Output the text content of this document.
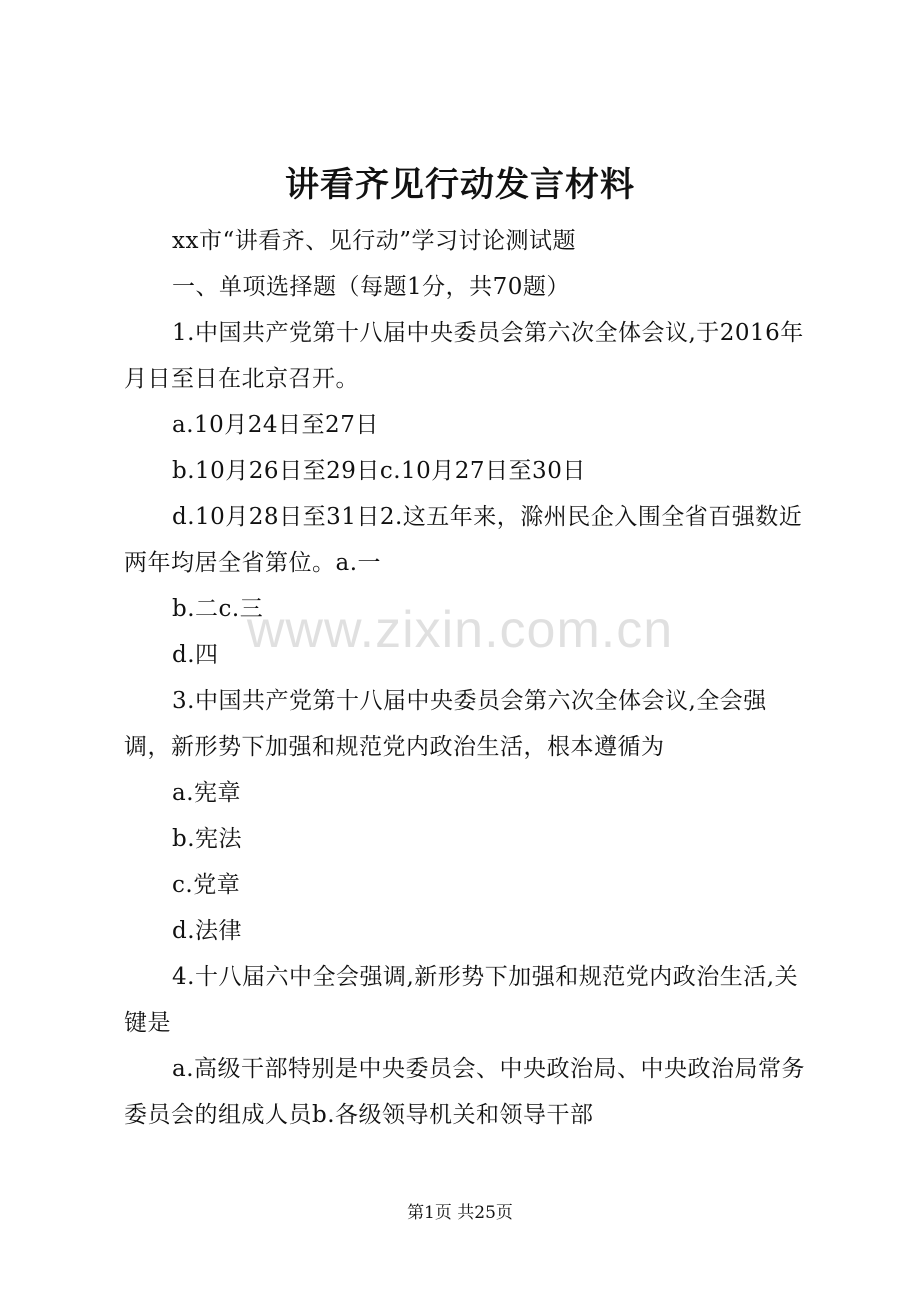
讲看齐见行动发言材料

xx市“讲看齐、见行动”学习讨论测试题

一、单项选择题（每题1分，共70题）

1.中国共产党第十八届中央委员会第六次全体会议,于2016年月日至日在北京召开。

a.10月24日至27日

b.10月26日至29日c.10月27日至30日

d.10月28日至31日2.这五年来，滁州民企入围全省百强数近两年均居全省第位。a.一

b.二c.三

d.四

3.中国共产党第十八届中央委员会第六次全体会议,全会强调，新形势下加强和规范党内政治生活，根本遵循为

a.宪章

b.宪法

c.党章

d.法律

4.十八届六中全会强调,新形势下加强和规范党内政治生活,关键是

a.高级干部特别是中央委员会、中央政治局、中央政治局常务委员会的组成人员b.各级领导机关和领导干部

www.zixin.com.cn
第1页 共25页
